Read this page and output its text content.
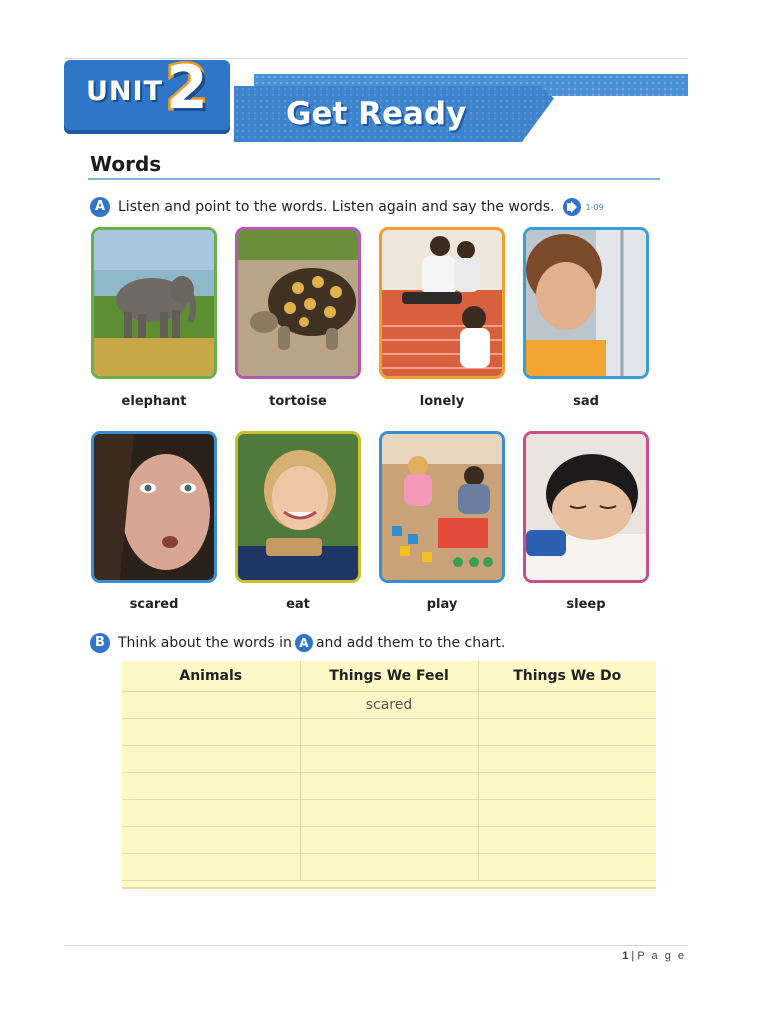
UNIT 2	Get Ready
Words
A Listen and point to the words. Listen again and say the words.	1-09
elephant	tortoise	lonely	sad
scared	eat	play	sleep
B Think about the words in A and add them to the chart.
Animals	Things We Feel	Things We Do
	scared	

1 | P a g e
